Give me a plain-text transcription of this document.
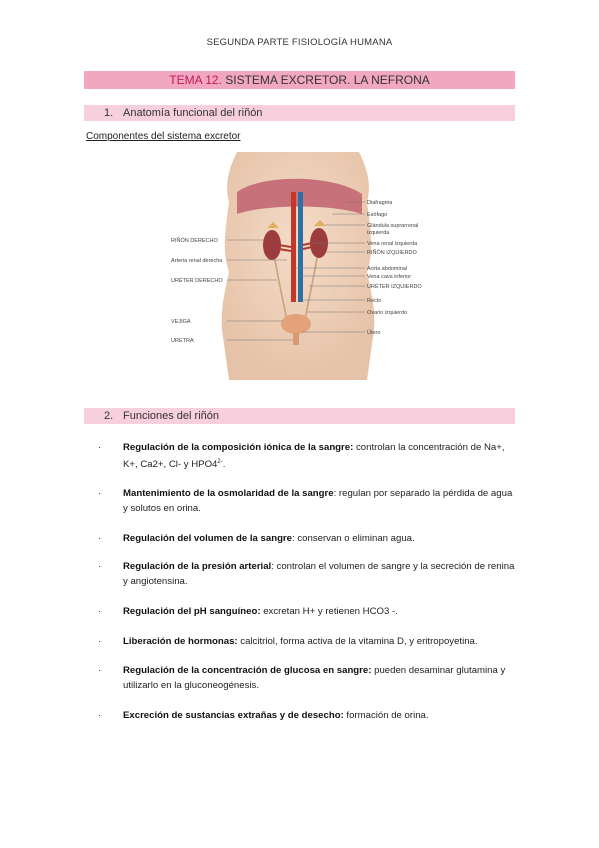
SEGUNDA PARTE FISIOLOGÍA HUMANA
TEMA 12. SISTEMA EXCRETOR. LA NEFRONA
1. Anatomía funcional del riñón
Componentes del sistema excretor
RIÑÓN DERECHO
Arteria renal derecha
URÉTER DERECHO
VEJIGA
URETRA
Diafragma
Esófago
Glándula suprarrenal
izquierda
Vena renal izquierda
RIÑÓN IZQUIERDO
Aorta abdominal
Vena cava inferior
URÉTER IZQUIERDO
Recto
Ovario izquierdo
Útero
2. Funciones del riñón
· Regulación de la composición iónica de la sangre: controlan la concentración de Na+, K+, Ca2+, Cl- y $HPO4^{2-}$.
· Mantenimiento de la osmolaridad de la sangre: regulan por separado la pérdida de agua y solutos en orina.
· Regulación del volumen de la sangre: conservan o eliminan agua.
· Regulación de la presión arterial: controlan el volumen de sangre y la secreción de renina y angiotensina.
· Regulación del pH sanguíneo: excretan H+ y retienen HCO3 -.
· Liberación de hormonas: calcitriol, forma activa de la vitamina D, y eritropoyetina.
· Regulación de la concentración de glucosa en sangre: pueden desaminar glutamina y utilizarlo en la gluconeogénesis.
· Excreción de sustancias extrañas y de desecho: formación de orina.
